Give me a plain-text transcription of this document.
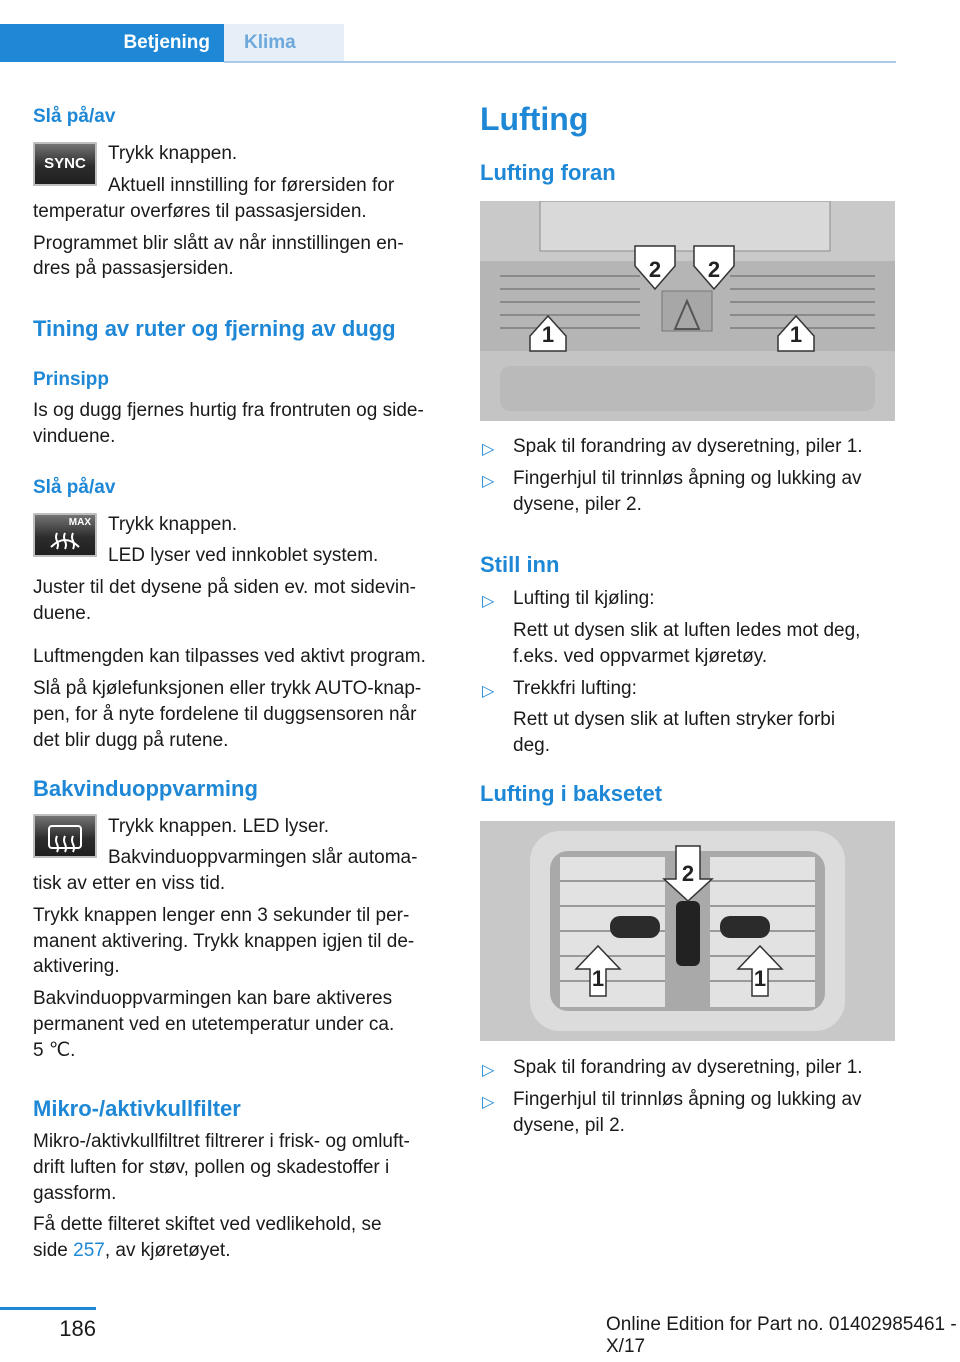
Betjening	Klima
Slå på/av
SYNC	Trykk knappen.
Aktuell innstilling for førersiden for
temperatur overføres til passasjersiden.
Programmet blir slått av når innstillingen en‐
dres på passasjersiden.
Tining av ruter og fjerning av dugg
Prinsipp
Is og dugg fjernes hurtig fra frontruten og side‐
vinduene.
Slå på/av
MAX Trykk knappen.
LED lyser ved innkoblet system.
Juster til det dysene på siden ev. mot sidevin‐
duene.
Luftmengden kan tilpasses ved aktivt program.
Slå på kjølefunksjonen eller trykk AUTO-knap‐
pen, for å nyte fordelene til duggsensoren når
det blir dugg på rutene.
Bakvinduoppvarming
Trykk knappen. LED lyser.
Bakvinduoppvarmingen slår automa‐
tisk av etter en viss tid.
Trykk knappen lenger enn 3 sekunder til per‐
manent aktivering. Trykk knappen igjen til de‐
aktivering.
Bakvinduoppvarmingen kan bare aktiveres
permanent ved en utetemperatur under ca.
5 ℃.
Mikro-/aktivkullfilter
Mikro-/aktivkullfiltret filtrerer i frisk- og omluft‐
drift luften for støv, pollen og skadestoffer i
gassform.
Få dette filteret skiftet ved vedlikehold, se
side 257, av kjøretøyet.
Lufting
Lufting foran
1	1
2 2
▷ Spak til forandring av dyseretning, piler 1.
▷ Fingerhjul til trinnløs åpning og lukking av
dysene, piler 2.
Still inn
▷ Lufting til kjøling:
Rett ut dysen slik at luften ledes mot deg,
f.eks. ved oppvarmet kjøretøy.
▷ Trekkfri lufting:
Rett ut dysen slik at luften stryker forbi
deg.
Lufting i baksetet
1	1
2
▷ Spak til forandring av dyseretning, piler 1.
▷ Fingerhjul til trinnløs åpning og lukking av
dysene, pil 2.
186	Online Edition for Part no. 01402985461 - X/17
